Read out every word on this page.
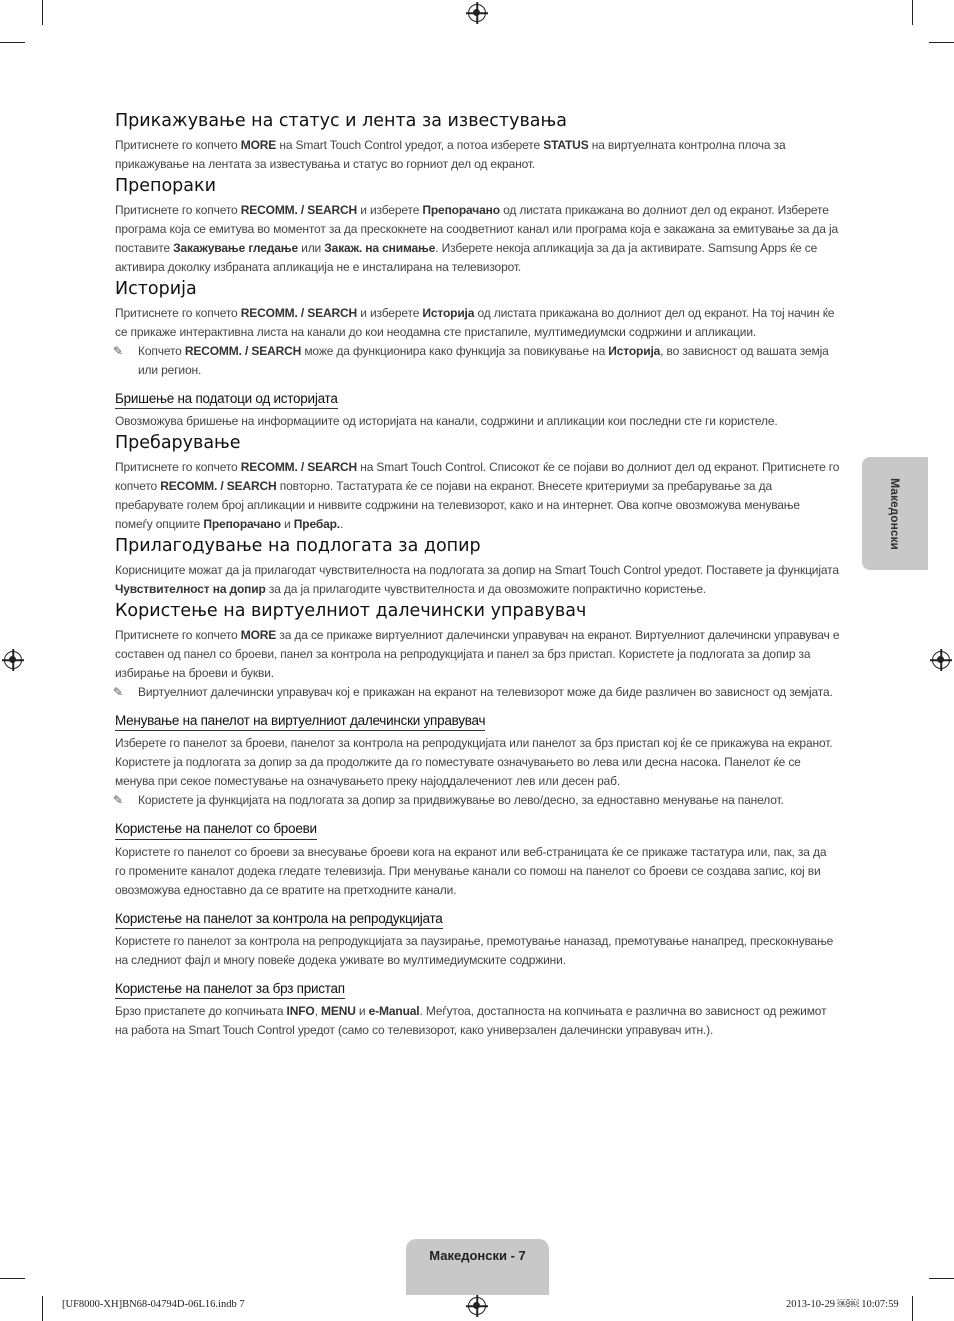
Прикажување на статус и лента за известувања

Притиснете го копчето MORE на Smart Touch Control уредот, а потоа изберете STATUS на виртуелната контролна плоча за прикажување на лентата за известувања и статус во горниот дел од екранот.

Препораки

Притиснете го копчето RECOMM. / SEARCH и изберете Препорачано од листата прикажана во долниот дел од екранот. Изберете програма која се емитува во моментот за да прескокнете на соодветниот канал или програма која е закажана за емитување за да ја поставите Закажување гледање или Закаж. на снимање. Изберете некоја апликација за да ја активирате. Samsung Apps ќе се активира доколку избраната апликација не е инсталирана на телевизорот.

Историја

Притиснете го копчето RECOMM. / SEARCH и изберете Историја од листата прикажана во долниот дел од екранот. На тој начин ќе се прикаже интерактивна листа на канали до кои неодамна сте пристапиле, мултимедиумски содржини и апликации.

✎ Копчето RECOMM. / SEARCH може да функционира како функција за повикување на Историја, во зависност од вашата земја или регион.

Бришење на податоци од историјата

Овозможува бришење на информациите од историјата на канали, содржини и апликации кои последни сте ги користеле.

Пребарување

Притиснете го копчето RECOMM. / SEARCH на Smart Touch Control. Списокот ќе се појави во долниот дел од екранот. Притиснете го копчето RECOMM. / SEARCH повторно. Тастатурата ќе се појави на екранот. Внесете критериуми за пребарување за да пребарувате голем број апликации и ниввите содржини на телевизорот, како и на интернет. Ова копче овозможува менување помеѓу опциите Препорачано и Пребар..

Прилагодување на подлогата за допир

Корисниците можат да ја прилагодат чувствителноста на подлогата за допир на Smart Touch Control уредот. Поставете ја функцијата Чувствителност на допир за да ја прилагодите чувствителноста и да овозможите попрактично користење.

Користење на виртуелниот далечински управувач

Притиснете го копчето MORE за да се прикаже виртуелниот далечински управувач на екранот. Виртуелниот далечински управувач е составен од панел со броеви, панел за контрола на репродукцијата и панел за брз пристап. Користете ја подлогата за допир за избирање на броеви и букви.

✎ Виртуелниот далечински управувач кој е прикажан на екранот на телевизорот може да биде различен во зависност од земјата.

Менување на панелот на виртуелниот далечински управувач

Изберете го панелот за броеви, панелот за контрола на репродукцијата или панелот за брз пристап кој ќе се прикажува на екранот.

Користете ја подлогата за допир за да продолжите да го поместувате означувањето во лева или десна насока. Панелот ќе се менува при секое поместување на означувањето преку најоддалечениот лев или десен раб.

✎ Користете ја функцијата на подлогата за допир за придвижување во лево/десно, за едноставно менување на панелот.

Користење на панелот со броеви

Користете го панелот со броеви за внесување броеви кога на екранот или веб-страницата ќе се прикаже тастатура или, пак, за да го промените каналот додека гледате телевизија. При менување канали со помош на панелот со броеви се создава запис, кој ви овозможува едноставно да се вратите на претходните канали.

Користење на панелот за контрола на репродукцијата

Користете го панелот за контрола на репродукцијата за паузирање, премотување наназад, премотување нанапред, прескокнување на следниот фајл и многу повеќе додека уживате во мултимедиумските содржини.

Користење на панелот за брз пристап

Брзо пристапете до копчињата INFO, MENU и e-Manual. Меѓутоа, достапноста на копчињата е различна во зависност од режимот на работа на Smart Touch Control уредот (само со телевизорот, како универзален далечински управувач итн.).

Македонски
Македонски - 7
[UF8000-XH]BN68-04794D-06L16.indb 7	2013-10-29 ￼￼ 10:07:59
